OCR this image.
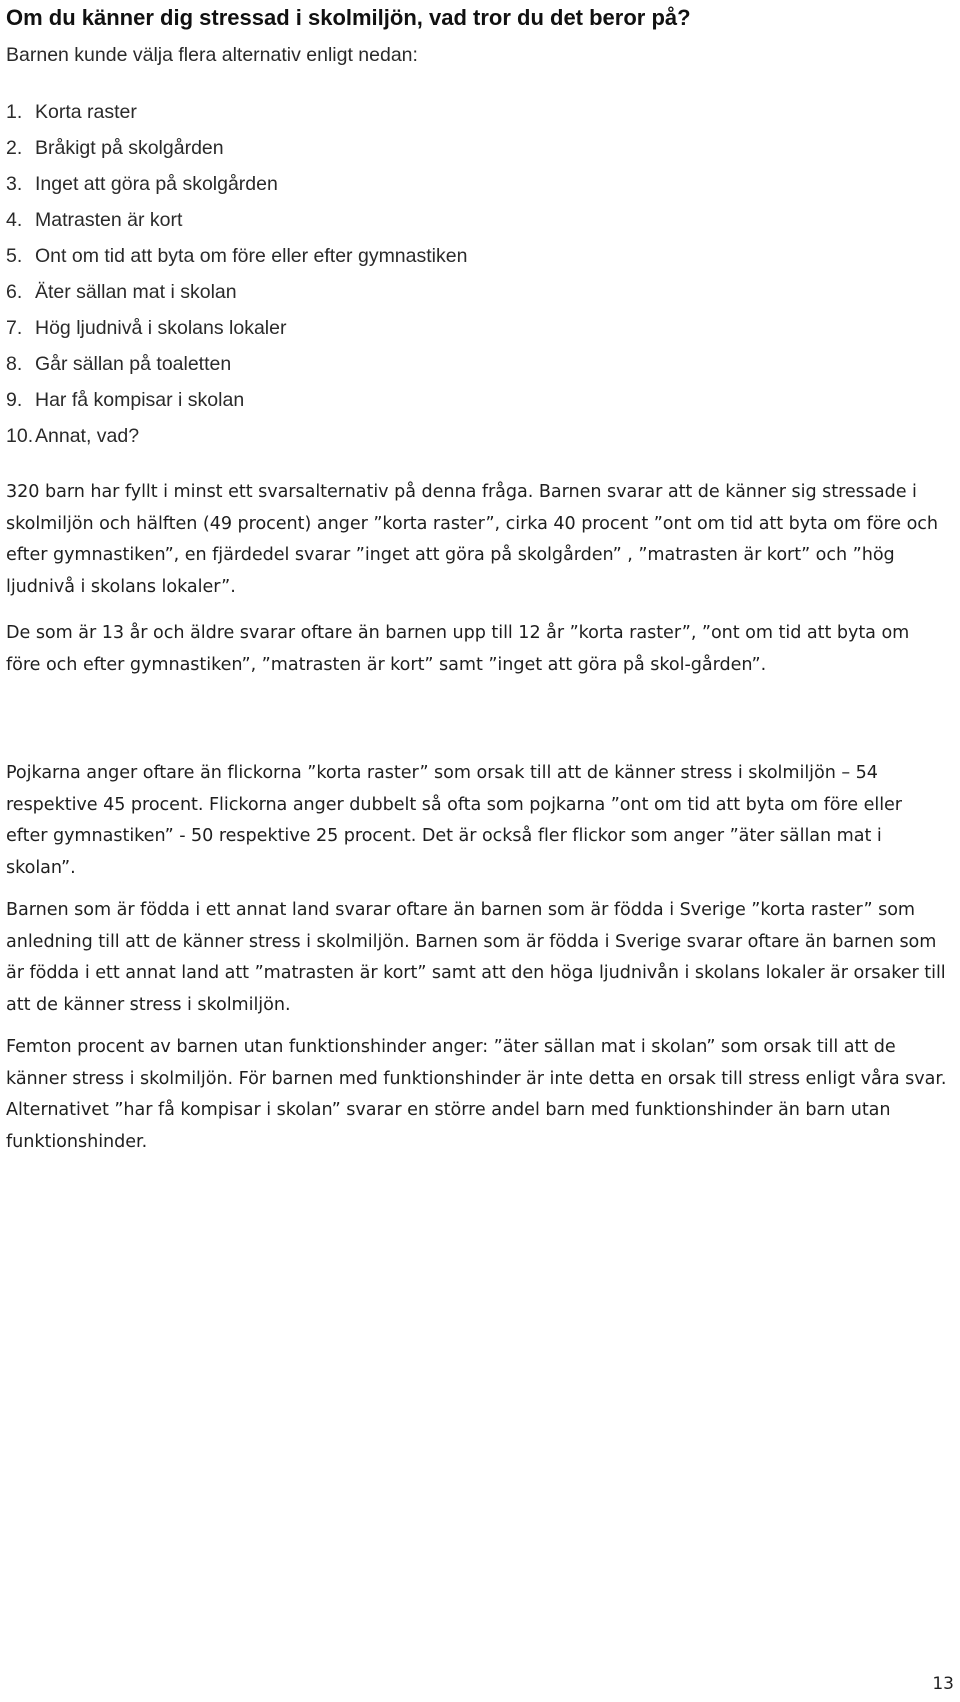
Om du känner dig stressad i skolmiljön, vad tror du det beror på?

Barnen kunde välja flera alternativ enligt nedan:

1. Korta raster
2. Bråkigt på skolgården
3. Inget att göra på skolgården
4. Matrasten är kort
5. Ont om tid att byta om före eller efter gymnastiken
6. Äter sällan mat i skolan
7. Hög ljudnivå i skolans lokaler
8. Går sällan på toaletten
9. Har få kompisar i skolan
10. Annat, vad?

320 barn har fyllt i minst ett svarsalternativ på denna fråga. Barnen svarar att de känner sig stressade i skolmiljön och hälften (49 procent) anger ”korta raster”, cirka 40 procent ”ont om tid att byta om före och efter gymnastiken”, en fjärdedel svarar ”inget att göra på skolgården” , ”matrasten är kort” och ”hög ljudnivå i skolans lokaler”.

De som är 13 år och äldre svarar oftare än barnen upp till 12 år ”korta raster”, ”ont om tid att byta om före och efter gymnastiken”, ”matrasten är kort” samt ”inget att göra på skol-gården”.

Pojkarna anger oftare än flickorna ”korta raster” som orsak till att de känner stress i skolmiljön – 54 respektive 45 procent. Flickorna anger dubbelt så ofta som pojkarna ”ont om tid att byta om före eller efter gymnastiken” - 50 respektive 25 procent. Det är också fler flickor som anger ”äter sällan mat i skolan”.

Barnen som är födda i ett annat land svarar oftare än barnen som är födda i Sverige ”korta raster” som anledning till att de känner stress i skolmiljön. Barnen som är födda i Sverige svarar oftare än barnen som är födda i ett annat land att ”matrasten är kort” samt att den höga ljudnivån i skolans lokaler är orsaker till att de känner stress i skolmiljön.

Femton procent av barnen utan funktionshinder anger: ”äter sällan mat i skolan” som orsak till att de känner stress i skolmiljön. För barnen med funktionshinder är inte detta en orsak till stress enligt våra svar. Alternativet ”har få kompisar i skolan” svarar en större andel barn med funktionshinder än barn utan funktionshinder.

13
